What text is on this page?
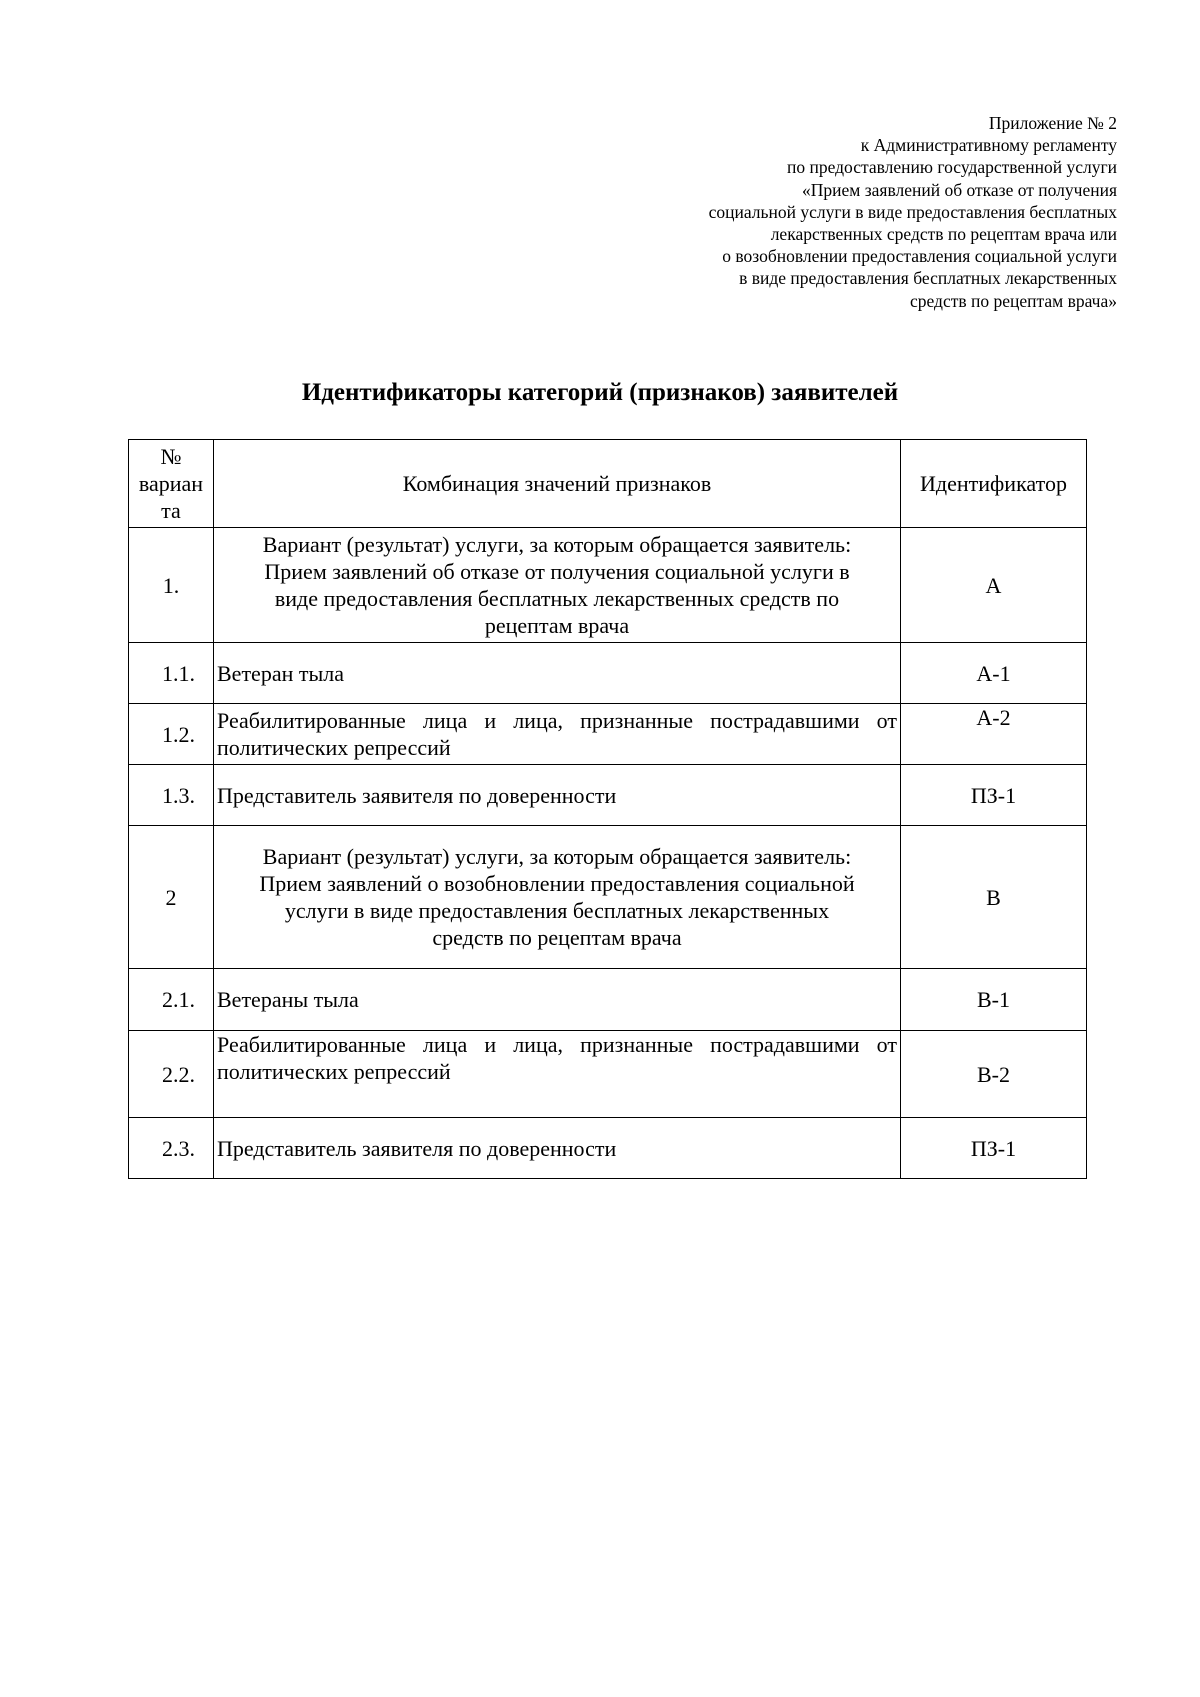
Приложение № 2
к Административному регламенту
по предоставлению государственной услуги
«Прием заявлений об отказе от получения
социальной услуги в виде предоставления бесплатных
лекарственных средств по рецептам врача или
о возобновлении предоставления социальной услуги
в виде предоставления бесплатных лекарственных
средств по рецептам врача»
Идентификаторы категорий (признаков) заявителей
№
вариан
та	Комбинация значений признаков	Идентификатор
1.	Вариант (результат) услуги, за которым обращается заявитель:
Прием заявлений об отказе от получения социальной услуги в
виде предоставления бесплатных лекарственных средств по
рецептам врача	А
1.1.	Ветеран тыла	А-1
1.2.	Реабилитированные лица и лица, признанные пострадавшими от политических репрессий	А-2
1.3.	Представитель заявителя по доверенности	ПЗ-1
2	Вариант (результат) услуги, за которым обращается заявитель:
Прием заявлений о возобновлении предоставления социальной
услуги в виде предоставления бесплатных лекарственных
средств по рецептам врача	В
2.1.	Ветераны тыла	В-1
2.2.	Реабилитированные лица и лица, признанные пострадавшими от политических репрессий	В-2
2.3.	Представитель заявителя по доверенности	ПЗ-1
